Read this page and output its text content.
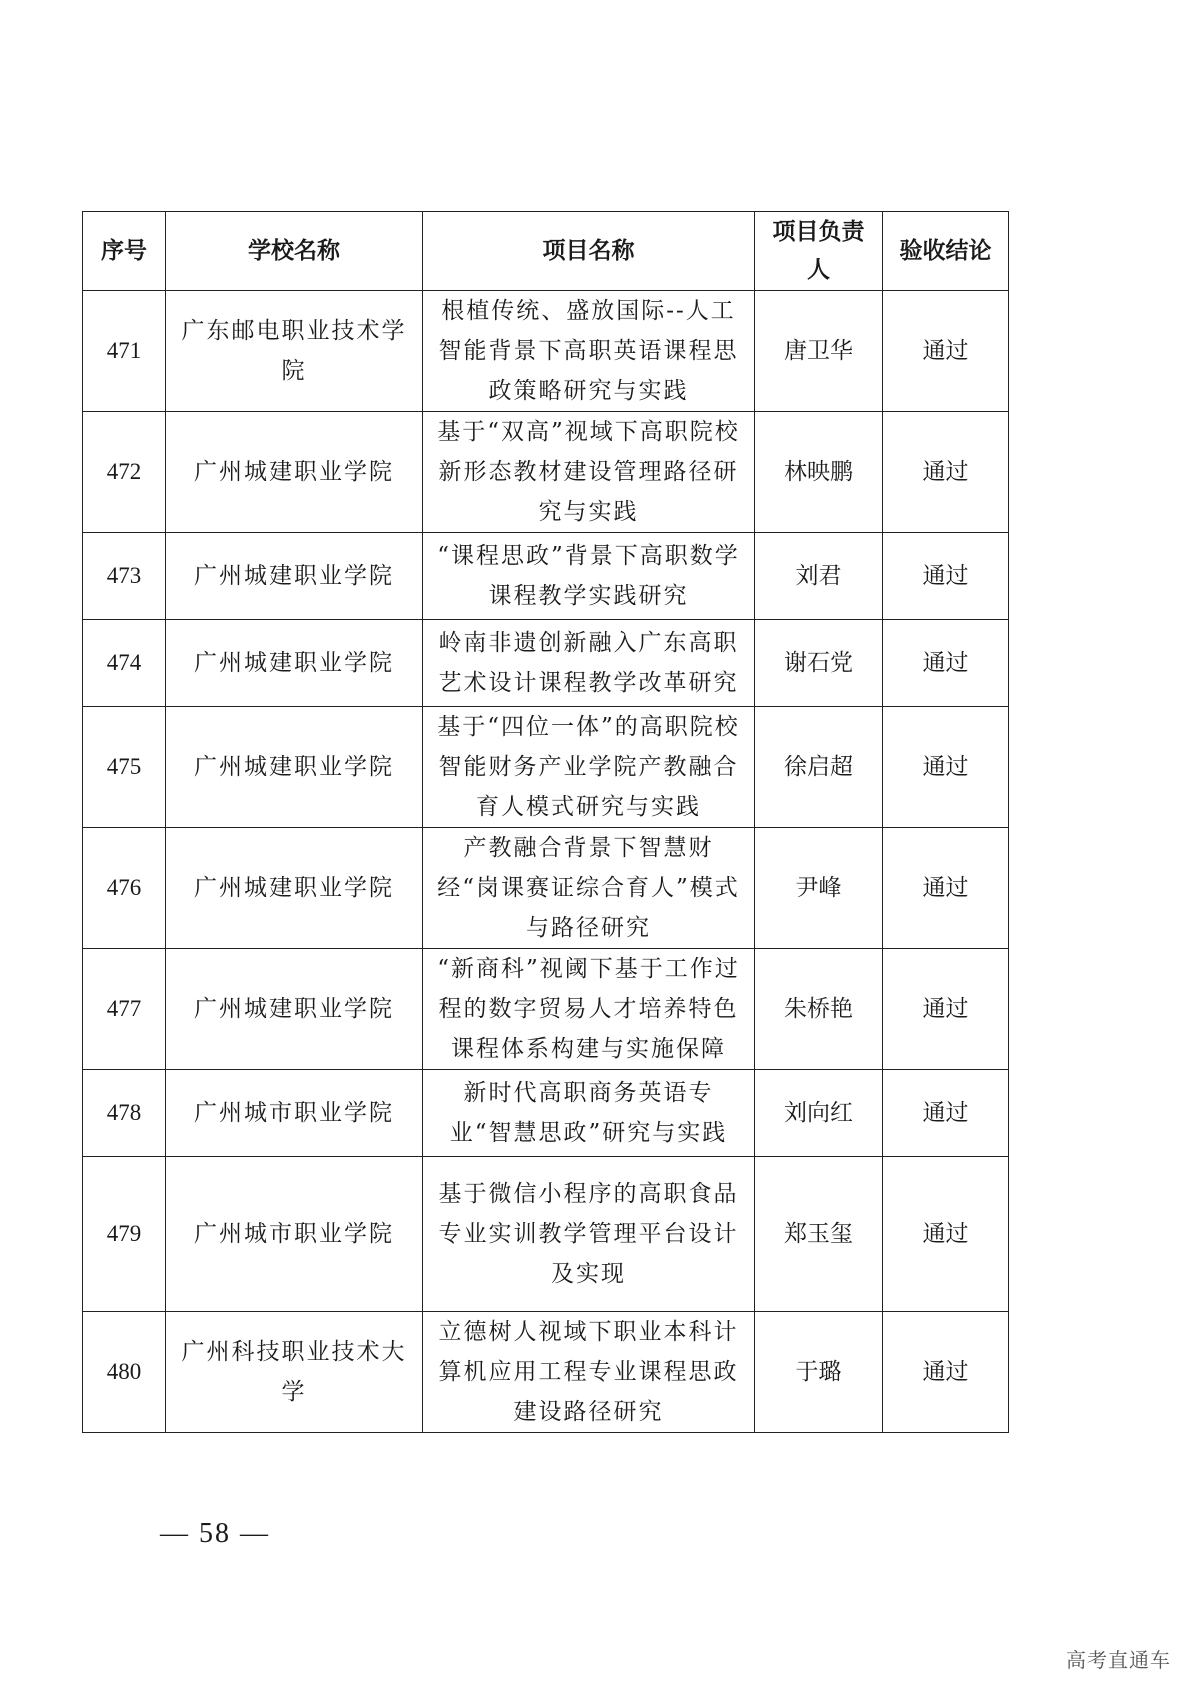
序号	学校名称	项目名称	项目负责人	验收结论
471	广东邮电职业技术学院	根植传统、盛放国际--人工智能背景下高职英语课程思政策略研究与实践	唐卫华	通过
472	广州城建职业学院	基于“双高”视域下高职院校新形态教材建设管理路径研究与实践	林映鹏	通过
473	广州城建职业学院	“课程思政”背景下高职数学课程教学实践研究	刘君	通过
474	广州城建职业学院	岭南非遗创新融入广东高职艺术设计课程教学改革研究	谢石党	通过
475	广州城建职业学院	基于“四位一体”的高职院校智能财务产业学院产教融合育人模式研究与实践	徐启超	通过
476	广州城建职业学院	产教融合背景下智慧财经“岗课赛证综合育人”模式与路径研究	尹峰	通过
477	广州城建职业学院	“新商科”视阈下基于工作过程的数字贸易人才培养特色课程体系构建与实施保障	朱桥艳	通过
478	广州城市职业学院	新时代高职商务英语专业“智慧思政”研究与实践	刘向红	通过
479	广州城市职业学院	基于微信小程序的高职食品专业实训教学管理平台设计及实现	郑玉玺	通过
480	广州科技职业技术大学	立德树人视域下职业本科计算机应用工程专业课程思政建设路径研究	于璐	通过
— 58 —
高考直通车
